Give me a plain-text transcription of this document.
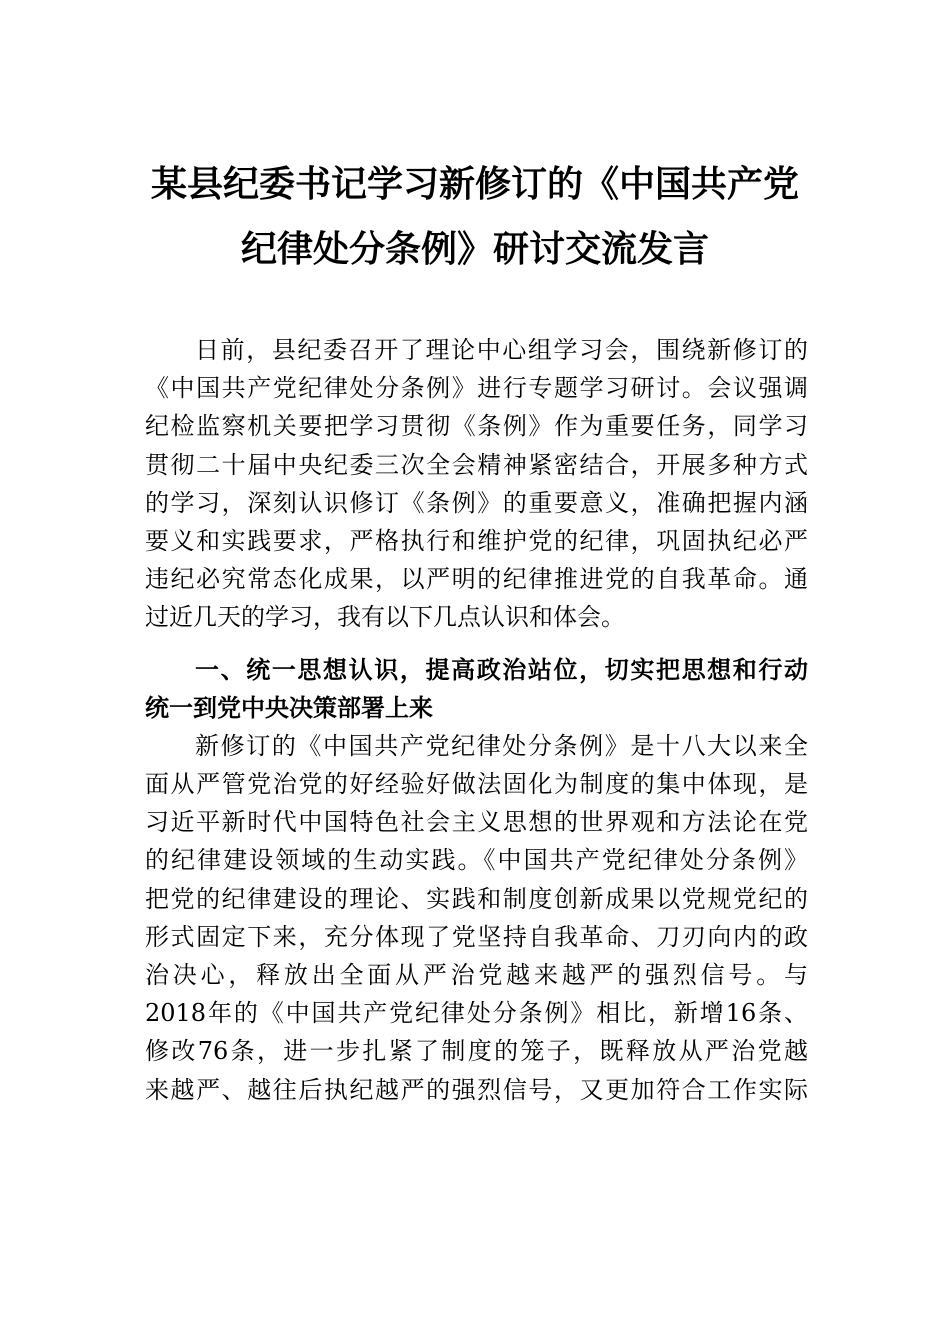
某县纪委书记学习新修订的《中国共产党
纪律处分条例》研讨交流发言
日前，县纪委召开了理论中心组学习会，围绕新修订的
《中国共产党纪律处分条例》进行专题学习研讨。会议强调
纪检监察机关要把学习贯彻《条例》作为重要任务，同学习
贯彻二十届中央纪委三次全会精神紧密结合，开展多种方式
的学习，深刻认识修订《条例》的重要意义，准确把握内涵
要义和实践要求，严格执行和维护党的纪律，巩固执纪必严
违纪必究常态化成果，以严明的纪律推进党的自我革命。通
过近几天的学习，我有以下几点认识和体会。
一、统一思想认识，提高政治站位，切实把思想和行动
统一到党中央决策部署上来
新修订的《中国共产党纪律处分条例》是十八大以来全
面从严管党治党的好经验好做法固化为制度的集中体现，是
习近平新时代中国特色社会主义思想的世界观和方法论在党
的纪律建设领域的生动实践。《中国共产党纪律处分条例》
把党的纪律建设的理论、实践和制度创新成果以党规党纪的
形式固定下来，充分体现了党坚持自我革命、刀刃向内的政
治决心，释放出全面从严治党越来越严的强烈信号。与
2018年的《中国共产党纪律处分条例》相比，新增16条、
修改76条，进一步扎紧了制度的笼子，既释放从严治党越
来越严、越往后执纪越严的强烈信号，又更加符合工作实际
